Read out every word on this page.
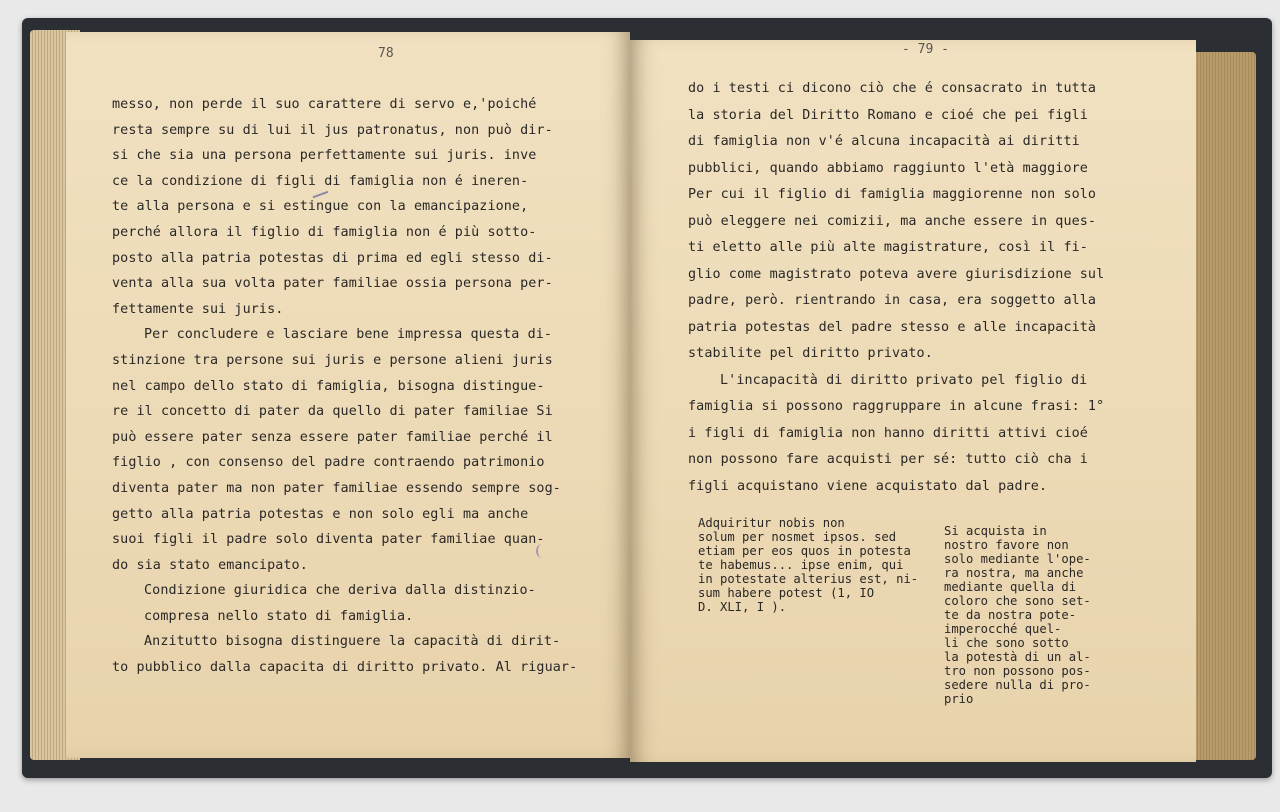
78
messo, non perde il suo carattere di servo e,'poiché
resta sempre su di lui il jus patronatus, non può dir-
si che sia una persona perfettamente sui juris. inve
ce la condizione di figli di famiglia non é ineren-
te alla persona e si estingue con la emancipazione,
perché allora il figlio di famiglia non é più sotto-
posto alla patria potestas di prima ed egli stesso di-
venta alla sua volta pater familiae ossia persona per-
fettamente sui juris.
Per concludere e lasciare bene impressa questa di-
stinzione tra persone sui juris e persone alieni juris
nel campo dello stato di famiglia, bisogna distingue-
re il concetto di pater da quello di pater familiae Si
può essere pater senza essere pater familiae perché il
figlio , con consenso del padre contraendo patrimonio
diventa pater ma non pater familiae essendo sempre sog-
getto alla patria potestas e non solo egli ma anche
suoi figli il padre solo diventa pater familiae quan-
do sia stato emancipato.
Condizione giuridica che deriva dalla distinzio-
compresa nello stato di famiglia.
Anzitutto bisogna distinguere la capacità di dirit-
to pubblico dalla capacita di diritto privato. Al riguar-
- 79 -
do i testi ci dicono ciò che é consacrato in tutta
la storia del Diritto Romano e cioé che pei figli
di famiglia non v'é alcuna incapacità ai diritti
pubblici, quando abbiamo raggiunto l'età maggiore
Per cui il figlio di famiglia maggiorenne non solo
può eleggere nei comizii, ma anche essere in ques-
ti eletto alle più alte magistrature, così il fi-
glio come magistrato poteva avere giurisdizione sul
padre, però. rientrando in casa, era soggetto alla
patria potestas del padre stesso e alle incapacità
stabilite pel diritto privato.
L'incapacità di diritto privato pel figlio di
famiglia si possono raggruppare in alcune frasi: 1°
i figli di famiglia non hanno diritti attivi cioé
non possono fare acquisti per sé: tutto ciò cha i
figli acquistano viene acquistato dal padre.
Adquiritur nobis non
solum per nosmet ipsos. sed
etiam per eos quos in potesta
te habemus... ipse enim, qui
in potestate alterius est, ni-
sum habere potest (1, IO
D. XLI, I ).
Si acquista in
nostro favore non
solo mediante l'ope-
ra nostra, ma anche
mediante quella di
coloro che sono set-
te da nostra pote-
imperocché quel-
li che sono sotto
la potestà di un al-
tro non possono pos-
sedere nulla di pro-
prio
